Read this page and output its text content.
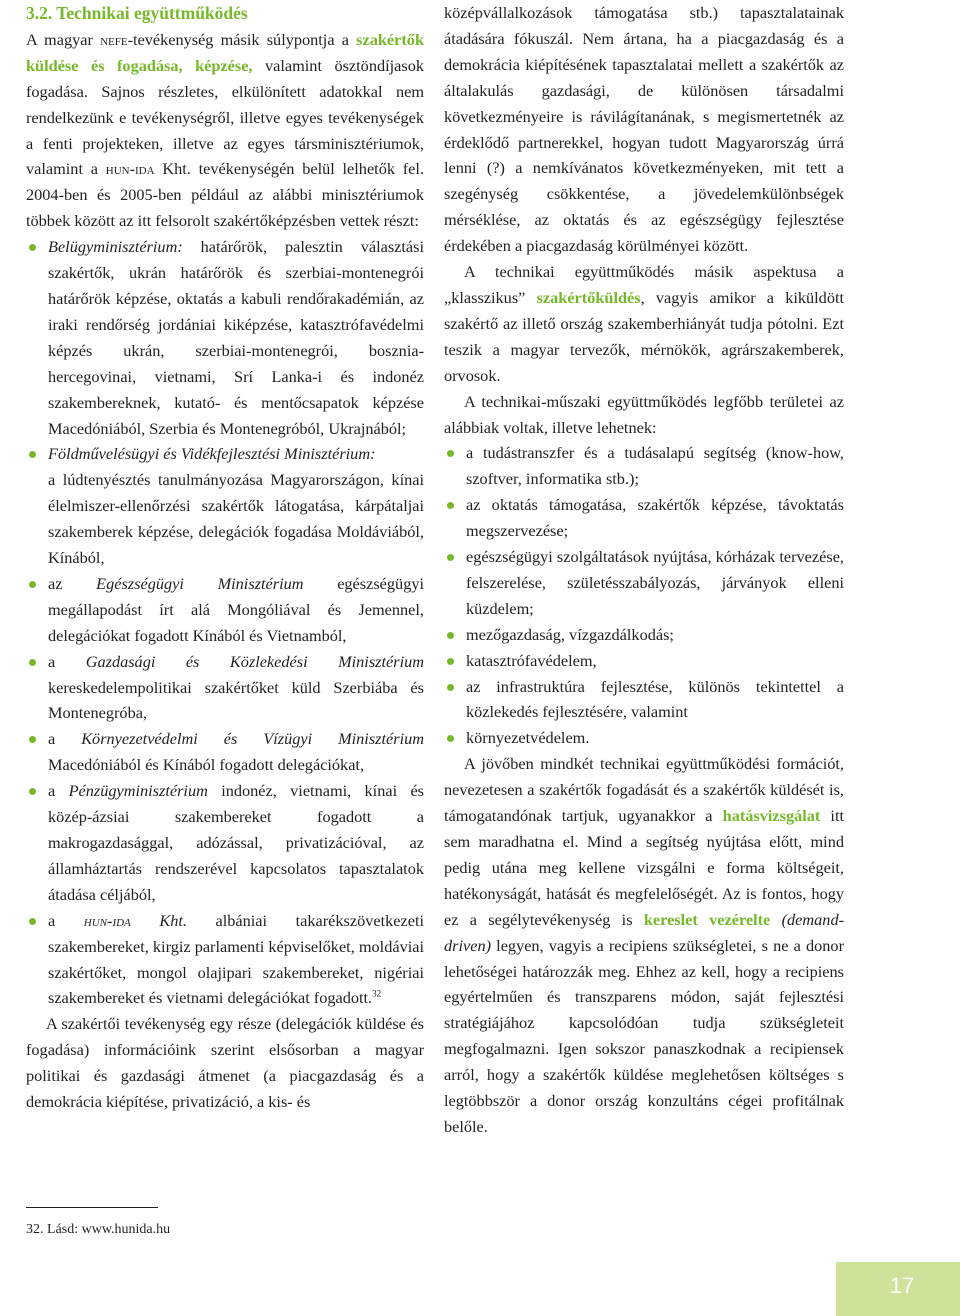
3.2. Technikai együttműködés

A magyar nefe-tevékenység másik súlypontja a szakértők küldése és fogadása, képzése, valamint ösztöndíjasok fogadása. Sajnos részletes, elkülönített adatokkal nem rendelkezünk e tevékenységről, illetve egyes tevékenységek a fenti projekteken, illetve az egyes társminisztériumok, valamint a hun-ida Kht. tevékenységén belül lelhetők fel. 2004-ben és 2005-ben például az alábbi minisztériumok többek között az itt felsorolt szakértőképzésben vettek részt:

Belügyminisztérium: határőrök, palesztin választási szakértők, ukrán határőrök és szerbiai-montenegrói határőrök képzése, oktatás a kabuli rendőrakadémián, az iraki rendőrség jordániai kiképzése, katasztrófavédelmi képzés ukrán, szerbiai-montenegrói, bosznia-hercegovinai, vietnami, Srí Lanka-i és indonéz szakembereknek, kutató- és mentőcsapatok képzése Macedóniából, Szerbia és Montenegróból, Ukrajnából;
Földművelésügyi és Vidékfejlesztési Minisztérium:
a lúdtenyésztés tanulmányozása Magyarországon, kínai élelmiszer-ellenőrzési szakértők látogatása, kárpátaljai szakemberek képzése, delegációk fogadása Moldáviából, Kínából,
az Egészségügyi Minisztérium egészségügyi megállapodást írt alá Mongóliával és Jemennel, delegációkat fogadott Kínából és Vietnamból,
a Gazdasági és Közlekedési Minisztérium kereskedelempolitikai szakértőket küld Szerbiába és Montenegróba,
a Környezetvédelmi és Vízügyi Minisztérium Macedóniából és Kínából fogadott delegációkat,
a Pénzügyminisztérium indonéz, vietnami, kínai és közép-ázsiai szakembereket fogadott a makrogazdasággal, adózással, privatizációval, az államháztartás rendszerével kapcsolatos tapasztalatok átadása céljából,
a hun-ida Kht. albániai takarékszövetkezeti szakembereket, kirgiz parlamenti képviselőket, moldáviai szakértőket, mongol olajipari szakembereket, nigériai szakembereket és vietnami delegációkat fogadott.$^{32}$

A szakértői tevékenység egy része (delegációk küldése és fogadása) információink szerint elsősorban a magyar politikai és gazdasági átmenet (a piacgazdaság és a demokrácia kiépítése, privatizáció, a kis- és

középvállalkozások támogatása stb.) tapasztalatainak átadására fókuszál. Nem ártana, ha a piacgazdaság és a demokrácia kiépítésének tapasztalatai mellett a szakértők az általakulás gazdasági, de különösen társadalmi következményeire is rávilágítanának, s megismertetnék az érdeklődő partnerekkel, hogyan tudott Magyarország úrrá lenni (?) a nemkívánatos következményeken, mit tett a szegénység csökkentése, a jövedelemkülönbségek mérséklése, az oktatás és az egészségügy fejlesztése érdekében a piacgazdaság körülményei között.

A technikai együttműködés másik aspektusa a „klasszikus” szakértőküldés, vagyis amikor a kiküldött szakértő az illető ország szakemberhiányát tudja pótolni. Ezt teszik a magyar tervezők, mérnökök, agrárszakemberek, orvosok.

A technikai-műszaki együttműködés legfőbb területei az alábbiak voltak, illetve lehetnek:

a tudástranszfer és a tudásalapú segítség (know-how, szoftver, informatika stb.);
az oktatás támogatása, szakértők képzése, távoktatás megszervezése;
egészségügyi szolgáltatások nyújtása, kórházak tervezése, felszerelése, születésszabályozás, járványok elleni küzdelem;
mezőgazdaság, vízgazdálkodás;
katasztrófavédelem,
az infrastruktúra fejlesztése, különös tekintettel a közlekedés fejlesztésére, valamint
környezetvédelem.

A jövőben mindkét technikai együttműködési formációt, nevezetesen a szakértők fogadását és a szakértők küldését is, támogatandónak tartjuk, ugyanakkor a hatásvizsgálat itt sem maradhatna el. Mind a segítség nyújtása előtt, mind pedig utána meg kellene vizsgálni e forma költségeit, hatékonyságát, hatását és megfelelőségét. Az is fontos, hogy ez a segélytevékenység is kereslet vezérelte (demand-driven) legyen, vagyis a recipiens szükségletei, s ne a donor lehetőségei határozzák meg. Ehhez az kell, hogy a recipiens egyértelműen és transzparens módon, saját fejlesztési stratégiájához kapcsolódóan tudja szükségleteit megfogalmazni. Igen sokszor panaszkodnak a recipiensek arról, hogy a szakértők küldése meglehetősen költséges s legtöbbször a donor ország konzultáns cégei profitálnak belőle.

32. Lásd: www.hunida.hu
17
